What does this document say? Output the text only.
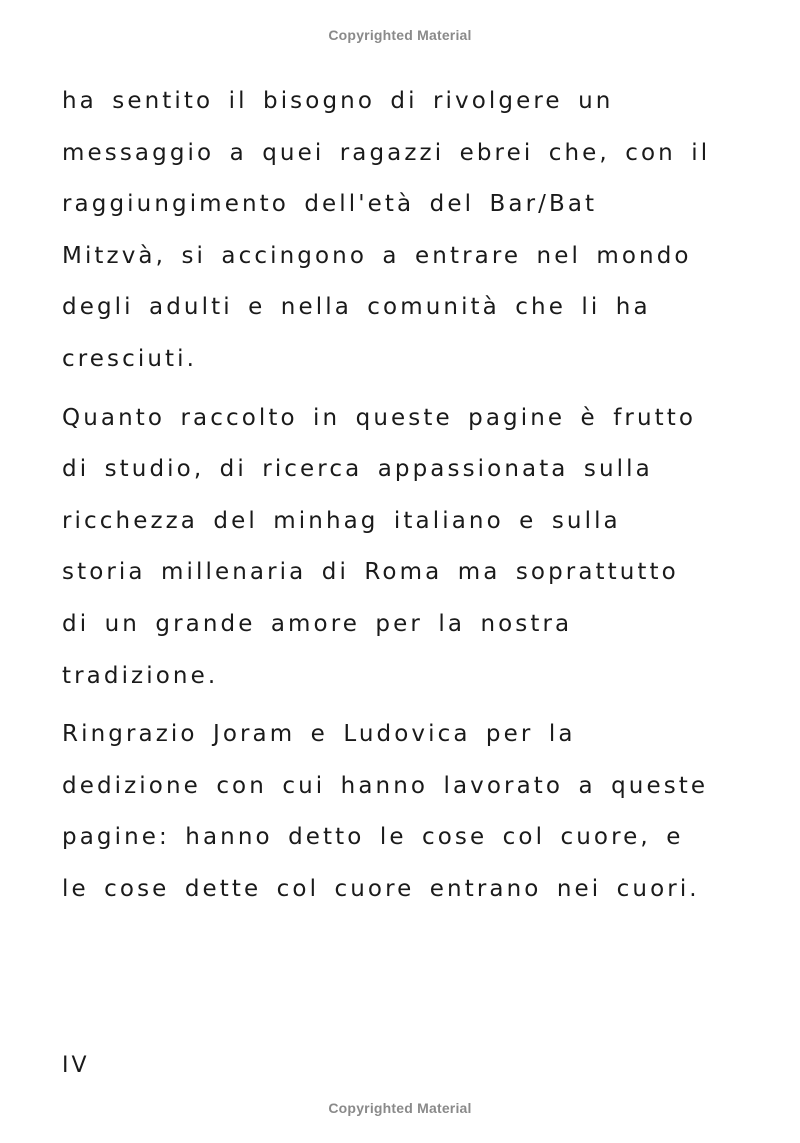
Copyrighted Material
ha sentito il bisogno di rivolgere un
messaggio a quei ragazzi ebrei che, con il
raggiungimento dell'età del Bar/Bat
Mitzvà, si accingono a entrare nel mondo
degli adulti e nella comunità che li ha
cresciuti.
Quanto raccolto in queste pagine è frutto
di studio, di ricerca appassionata sulla
ricchezza del minhag italiano e sulla
storia millenaria di Roma ma soprattutto
di un grande amore per la nostra
tradizione.
Ringrazio Joram e Ludovica per la
dedizione con cui hanno lavorato a queste
pagine: hanno detto le cose col cuore, e
le cose dette col cuore entrano nei cuori.
IV
Copyrighted Material
